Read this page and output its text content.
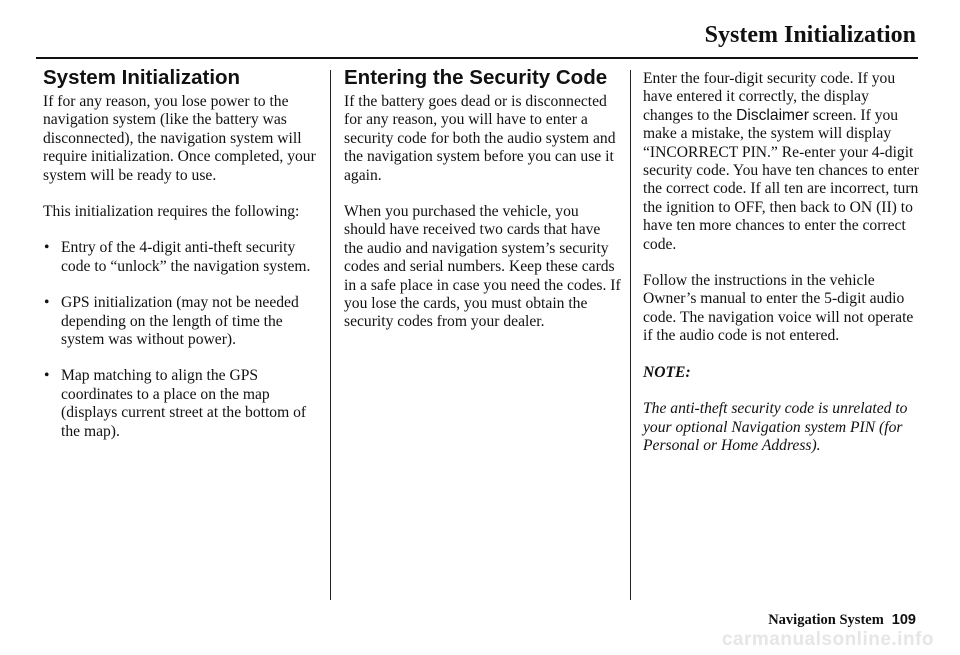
System Initialization
System Initialization

If for any reason, you lose power to the navigation system (like the battery was disconnected), the navigation system will require initialization. Once completed, your system will be ready to use.

This initialization requires the following:

• Entry of the 4-digit anti-theft security code to “unlock” the navigation system.
• GPS initialization (may not be needed depending on the length of time the system was without power).
• Map matching to align the GPS coordinates to a place on the map (displays current street at the bottom of the map).
Entering the Security Code

If the battery goes dead or is disconnected for any reason, you will have to enter a security code for both the audio system and the navigation system before you can use it again.

When you purchased the vehicle, you should have received two cards that have the audio and navigation system’s security codes and serial numbers. Keep these cards in a safe place in case you need the codes. If you lose the cards, you must obtain the security codes from your dealer.

Enter the four-digit security code. If you have entered it correctly, the display changes to the Disclaimer screen. If you make a mistake, the system will display “INCORRECT PIN.” Re-enter your 4-digit security code. You have ten chances to enter the correct code. If all ten are incorrect, turn the ignition to OFF, then back to ON (II) to have ten more chances to enter the correct code.

Follow the instructions in the vehicle Owner’s manual to enter the 5-digit audio code. The navigation voice will not operate if the audio code is not entered.

NOTE:

The anti-theft security code is unrelated to your optional Navigation system PIN (for Personal or Home Address).

Navigation System 109
carmanualsonline.info
